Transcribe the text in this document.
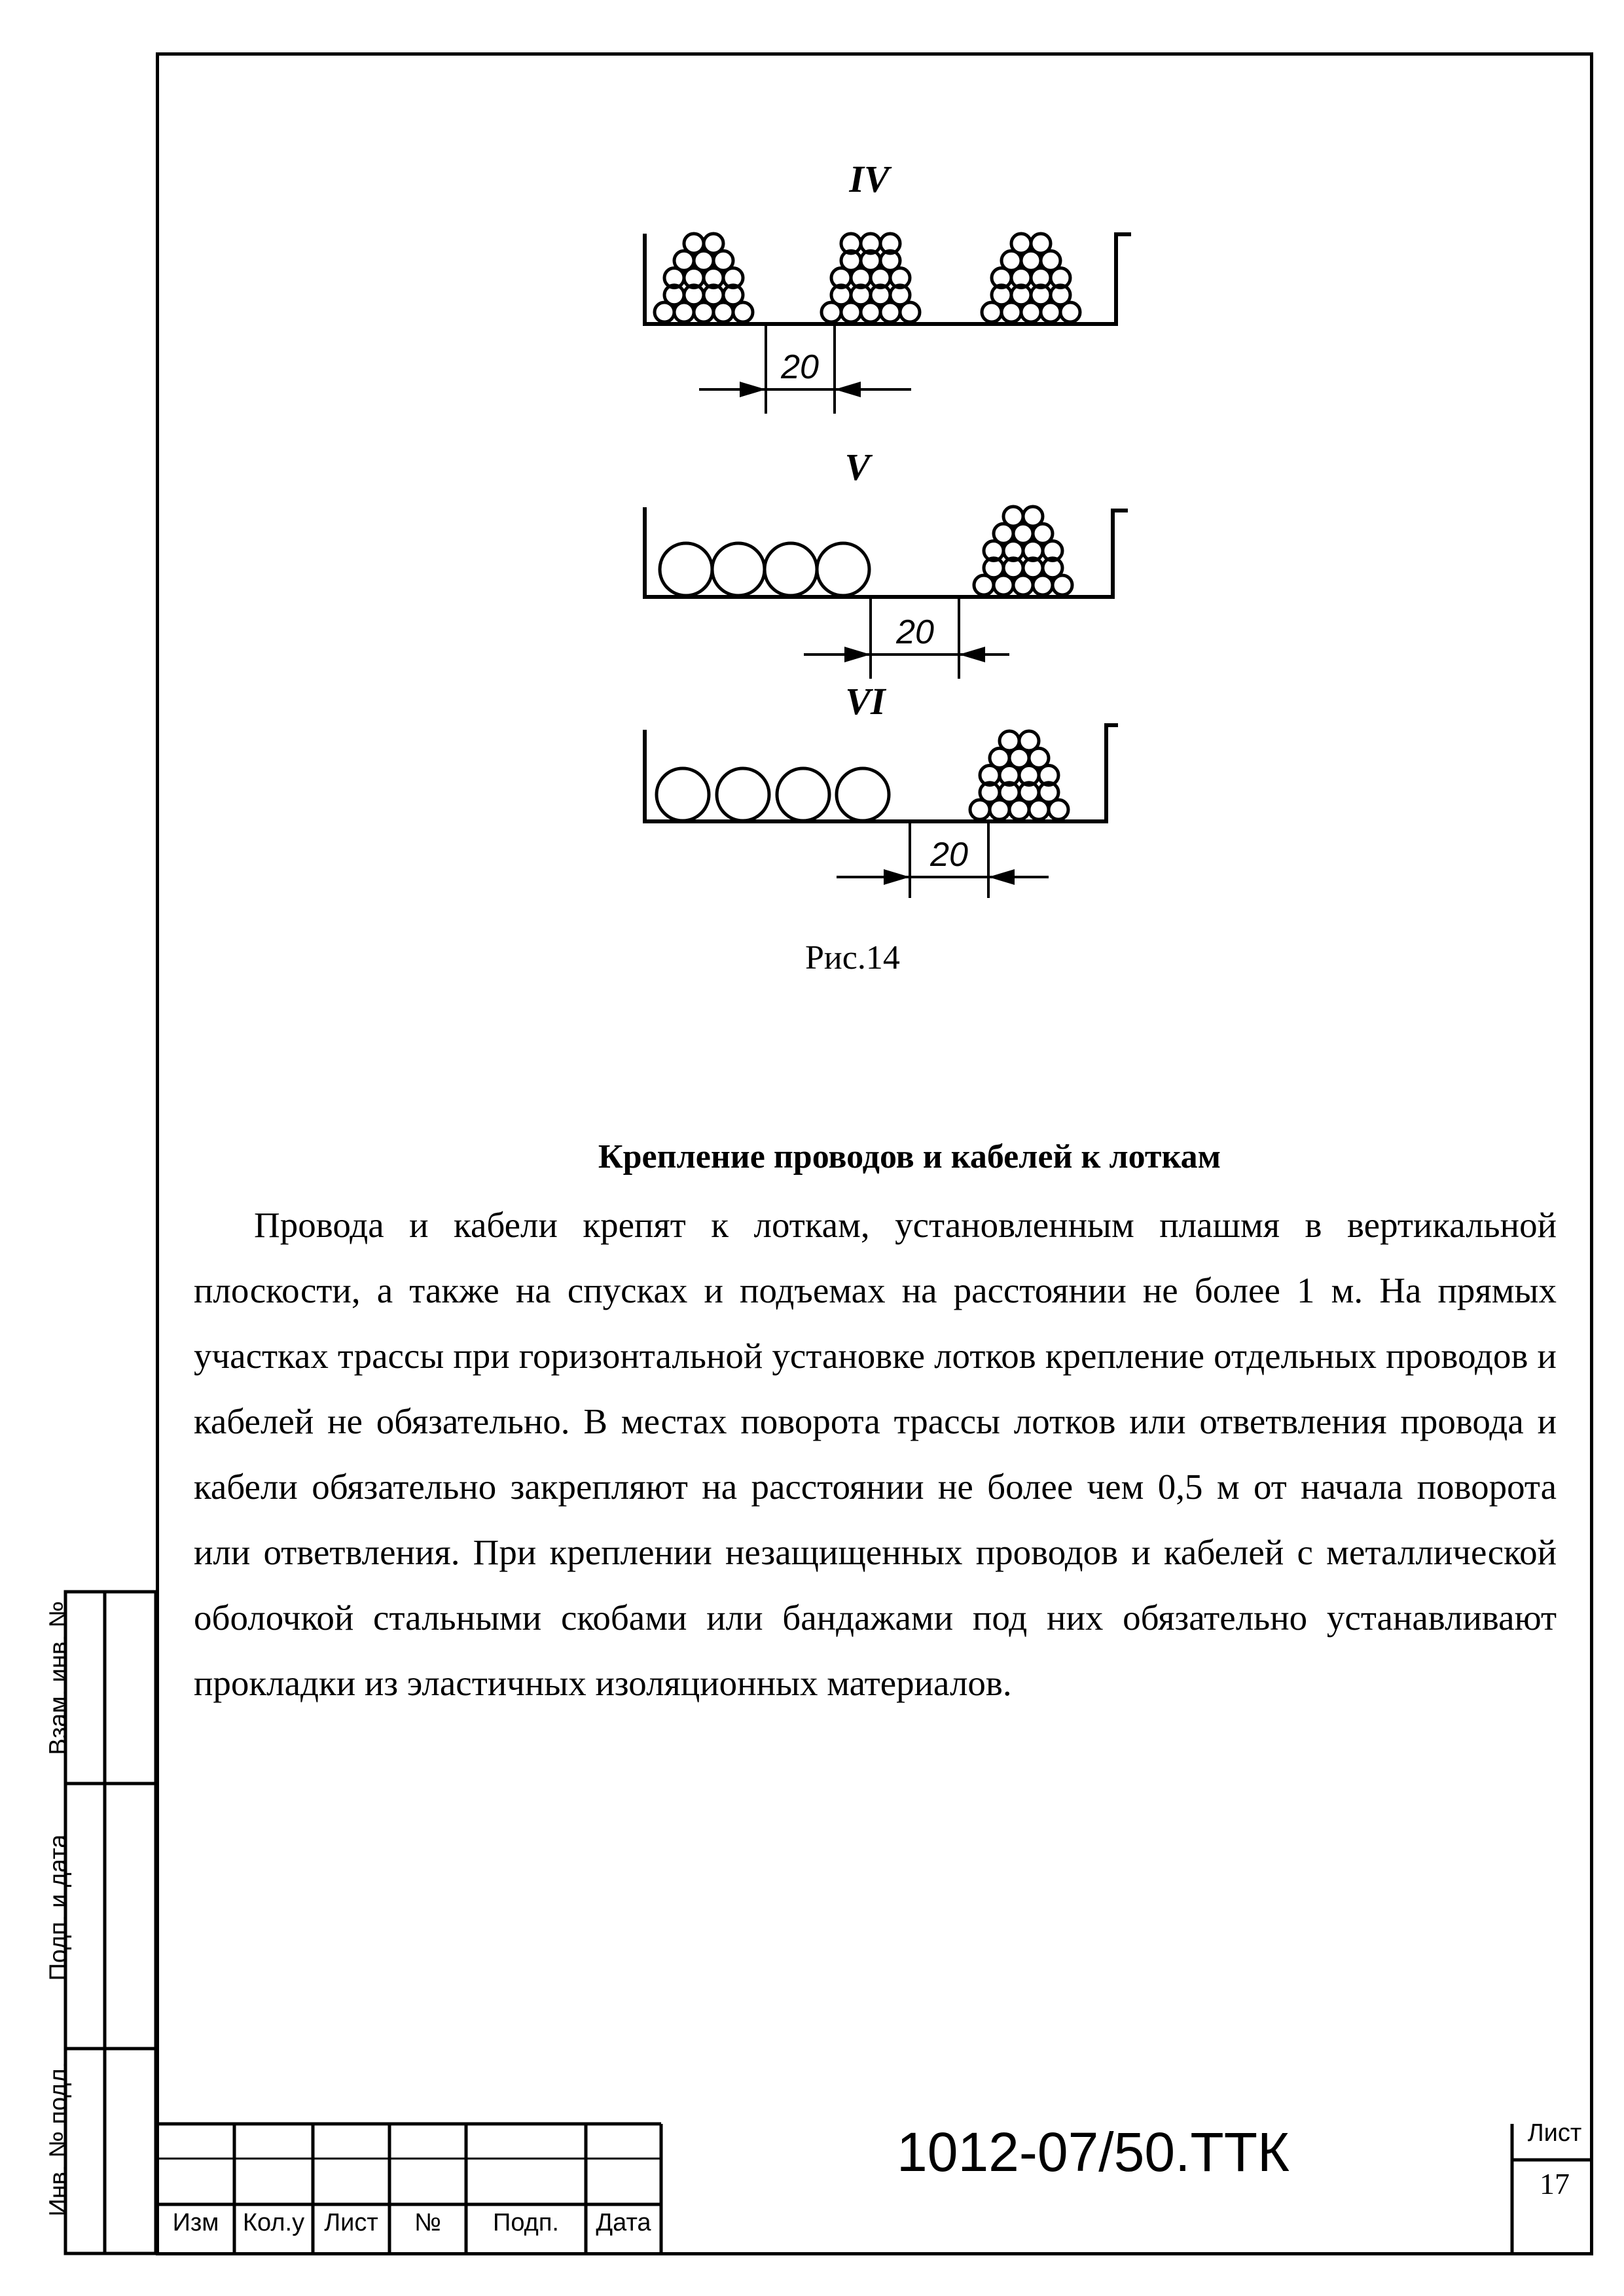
20
20
20
IV
V
VI
Рис.14
Крепление проводов и кабелей к лоткам
Провода и кабели крепят к лоткам, установленным плашмя в вертикальной плоскости, а также на спусках и подъемах на расстоянии не более 1 м. На прямых участках трассы при горизонтальной установке лотков крепление отдельных проводов и кабелей не обязательно. В местах поворота трассы лотков или ответвления провода и кабели обязательно закрепляют на расстоянии не более чем 0,5 м от начала поворота или ответвления. При креплении незащищенных проводов и кабелей с металлической оболочкой стальными скобами или бандажами под них обязательно устанавливают прокладки из эластичных изоляционных материалов.
Взам. инв. №
Подп. и дата
Инв. № подл.
Изм Кол.у Лист	№	Подп.	Дата
1012-07/50.ТТК	Лист
17
